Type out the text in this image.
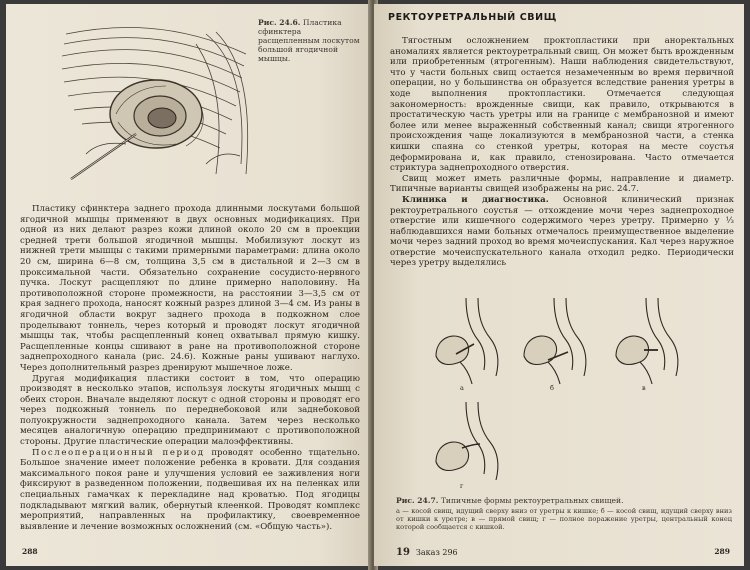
Рис. 24.6. Пластика сфинктера расщепленным лоскутом большой ягодичной мышцы.

Пластику сфинктера заднего прохода длинными лоскутами большой ягодичной мышцы применяют в двух основных модификациях. При одной из них делают разрез кожи длиной около 20 см в проекции средней трети большой ягодичной мышцы. Мобилизуют лоскут из нижней трети мышцы с такими примерными параметрами: длина около 20 см, ширина 6—8 см, толщина 3,5 см в дистальной и 2—3 см в проксимальной части. Обязательно сохранение сосудисто-нервного пучка. Лоскут расщепляют по длине примерно наполовину. На противоположной стороне промежности, на расстоянии 3—3,5 см от края заднего прохода, наносят кожный разрез длиной 3—4 см. Из раны в ягодичной области вокруг заднего прохода в подкожном слое проделывают тоннель, через который и проводят лоскут ягодичной мышцы так, чтобы расщепленный конец охватывал прямую кишку. Расщепленные концы сшивают в ране на противоположной стороне заднепроходного канала (рис. 24.6). Кожные раны ушивают наглухо. Через дополнительный разрез дренируют мышечное ложе.

Другая модификация пластики состоит в том, что операцию производят в несколько этапов, используя лоскуты ягодичных мышц с обеих сторон. Вначале выделяют лоскут с одной стороны и проводят его через подкожный тоннель по переднебоковой или заднебоковой полуокружности заднепроходного канала. Затем через несколько месяцев аналогичную операцию предпринимают с противоположной стороны. Другие пластические операции малоэффективны.

Послеоперационный период проводят особенно тщательно. Большое значение имеет положение ребенка в кровати. Для создания максимального покоя ране и улучшения условий ее заживления ноги фиксируют в разведенном положении, подвешивая их на пеленках или специальных гамачках к перекладине над кроватью. Под ягодицы подкладывают мягкий валик, обернутый клеенкой. Проводят комплекс мероприятий, направленных на профилактику, своевременное выявление и лечение возможных осложнений (см. «Общую часть»).

288
РЕКТОУРЕТРАЛЬНЫЙ СВИЩ

Тягостным осложнением проктопластики при аноректальных аномалиях является ректоуретральный свищ. Он может быть врожденным или приобретенным (ятрогенным). Наши наблюдения свидетельствуют, что у части больных свищ остается незамеченным во время первичной операции, но у большинства он образуется вследствие ранения уретры в ходе выполнения проктопластики. Отмечается следующая закономерность: врожденные свищи, как правило, открываются в простатическую часть уретры или на границе с мембранозной и имеют более или менее выраженный собственный канал; свищи ятрогенного происхождения чаще локализуются в мембранозной части, а стенка кишки спаяна со стенкой уретры, которая на месте соустья деформирована и, как правило, стенозирована. Часто отмечается стриктура заднепроходного отверстия.

Свищ может иметь различные формы, направление и диаметр. Типичные варианты свищей изображены на рис. 24.7.

Клиника и диагностика. Основной клинический признак ректоуретрального соустья — отхождение мочи через заднепроходное отверстие или кишечного содержимого через уретру. Примерно у ⅓ наблюдавшихся нами больных отмечалось преимущественное выделение мочи через задний проход во время мочеиспускания. Кал через наружное отверстие мочеиспускательного канала отходил редко. Периодически через уретру выделялись

а	б	в
г
Рис. 24.7. Типичные формы ректоуретральных свищей.
а — косой свищ, идущий сверху вниз от уретры к кишке; б — косой свищ, идущий сверху вниз от кишки к уретре; в — прямой свищ; г — полное поражение уретры, центральный конец которой сообщается с кишкой.
19 Заказ 296	289
